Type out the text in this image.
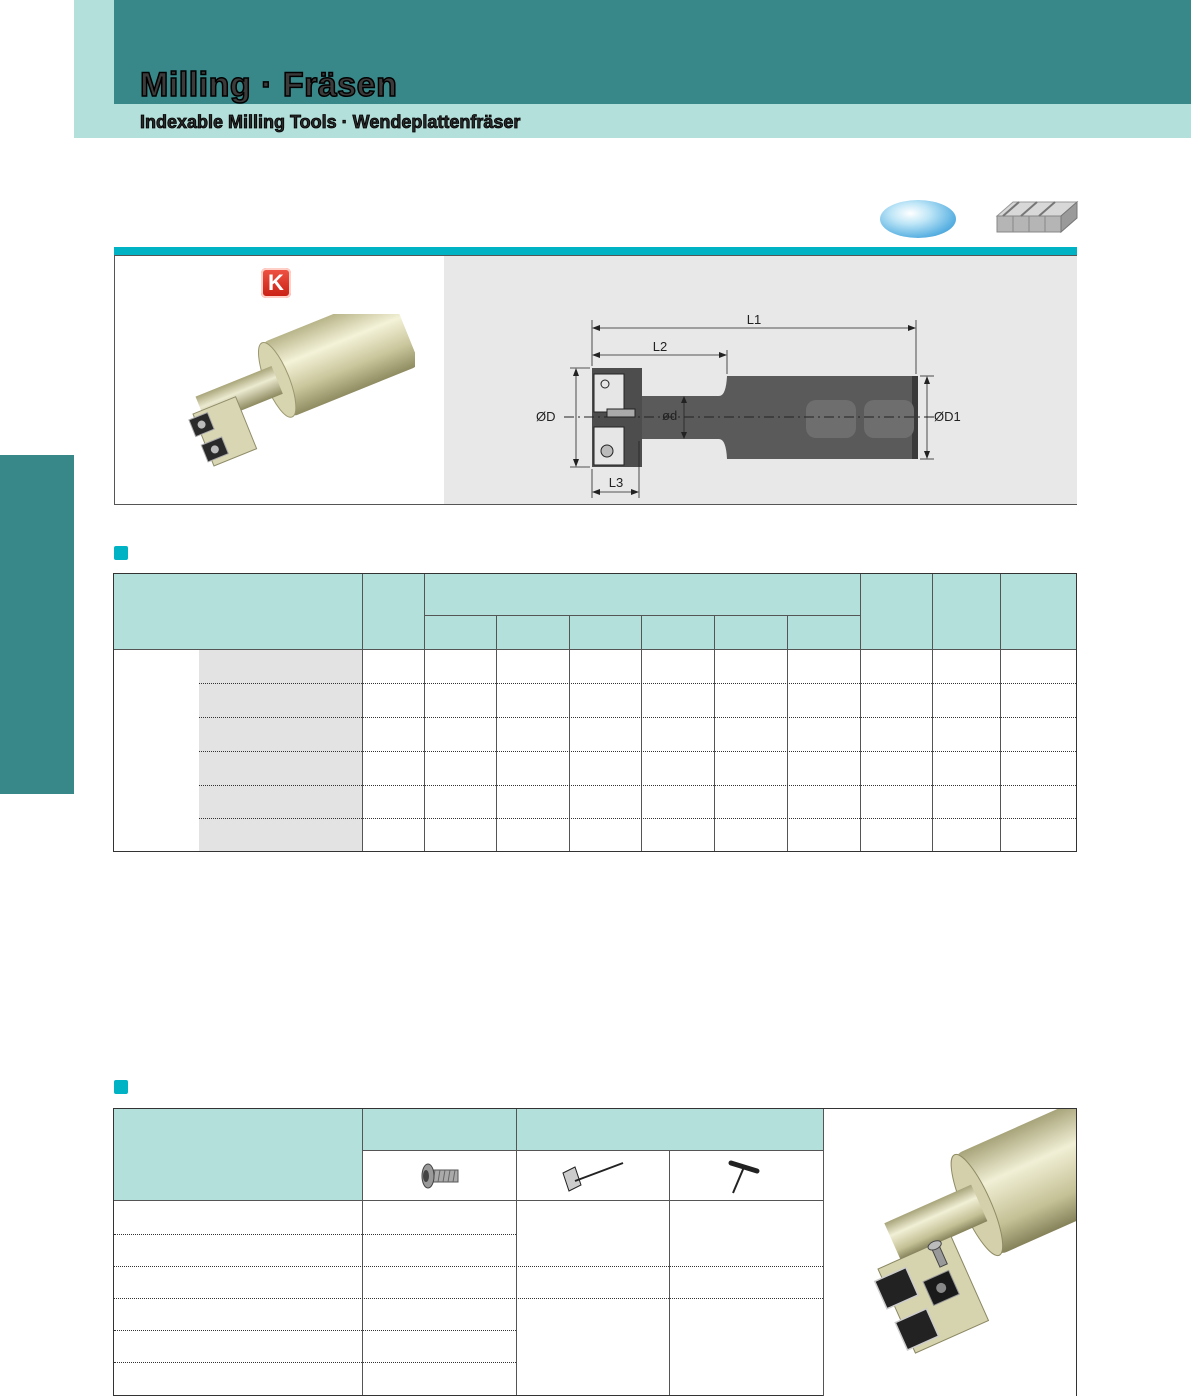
Milling · Fräsen
Indexable Milling Tools · Wendeplattenfräser
K
L1
L2
L3
ØD	ød	ØD1
